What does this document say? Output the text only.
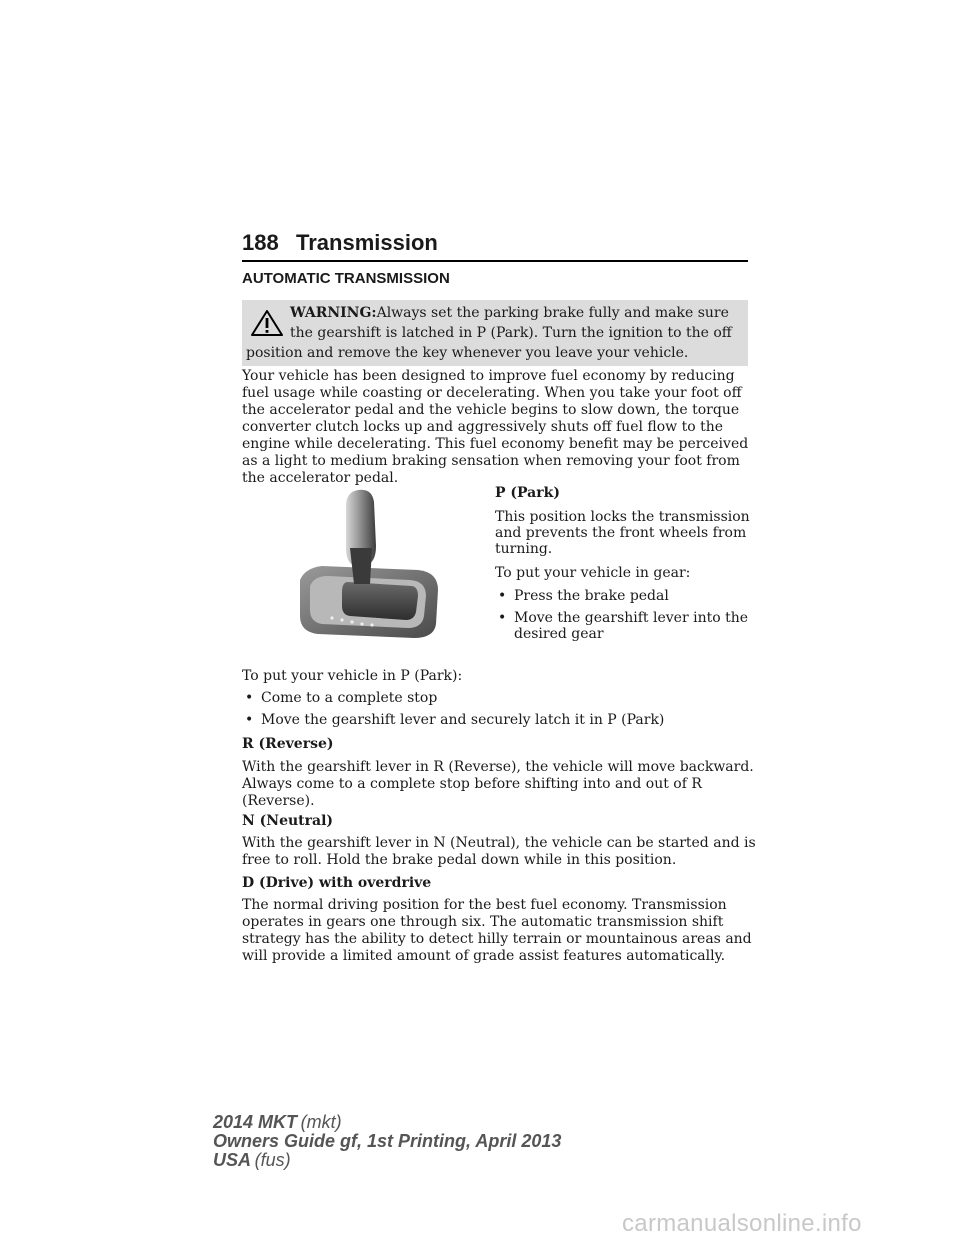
188 Transmission
AUTOMATIC TRANSMISSION
WARNING:Always set the parking brake fully and make sure
the gearshift is latched in P (Park). Turn the ignition to the off
position and remove the key whenever you leave your vehicle.

Your vehicle has been designed to improve fuel economy by reducing
fuel usage while coasting or decelerating. When you take your foot off
the accelerator pedal and the vehicle begins to slow down, the torque
converter clutch locks up and aggressively shuts off fuel flow to the
engine while decelerating. This fuel economy benefit may be perceived
as a light to medium braking sensation when removing your foot from
the accelerator pedal.

P (Park)
This position locks the transmission
and prevents the front wheels from
turning.
To put your vehicle in gear:
• Press the brake pedal
• Move the gearshift lever into the
desired gear
To put your vehicle in P (Park):
• Come to a complete stop
• Move the gearshift lever and securely latch it in P (Park)
R (Reverse)

With the gearshift lever in R (Reverse), the vehicle will move backward.
Always come to a complete stop before shifting into and out of R
(Reverse).

N (Neutral)

With the gearshift lever in N (Neutral), the vehicle can be started and is
free to roll. Hold the brake pedal down while in this position.

D (Drive) with overdrive

The normal driving position for the best fuel economy. Transmission
operates in gears one through six. The automatic transmission shift
strategy has the ability to detect hilly terrain or mountainous areas and
will provide a limited amount of grade assist features automatically.

2014 MKT (mkt)
Owners Guide gf, 1st Printing, April 2013
USA (fus)
carmanualsonline.info
